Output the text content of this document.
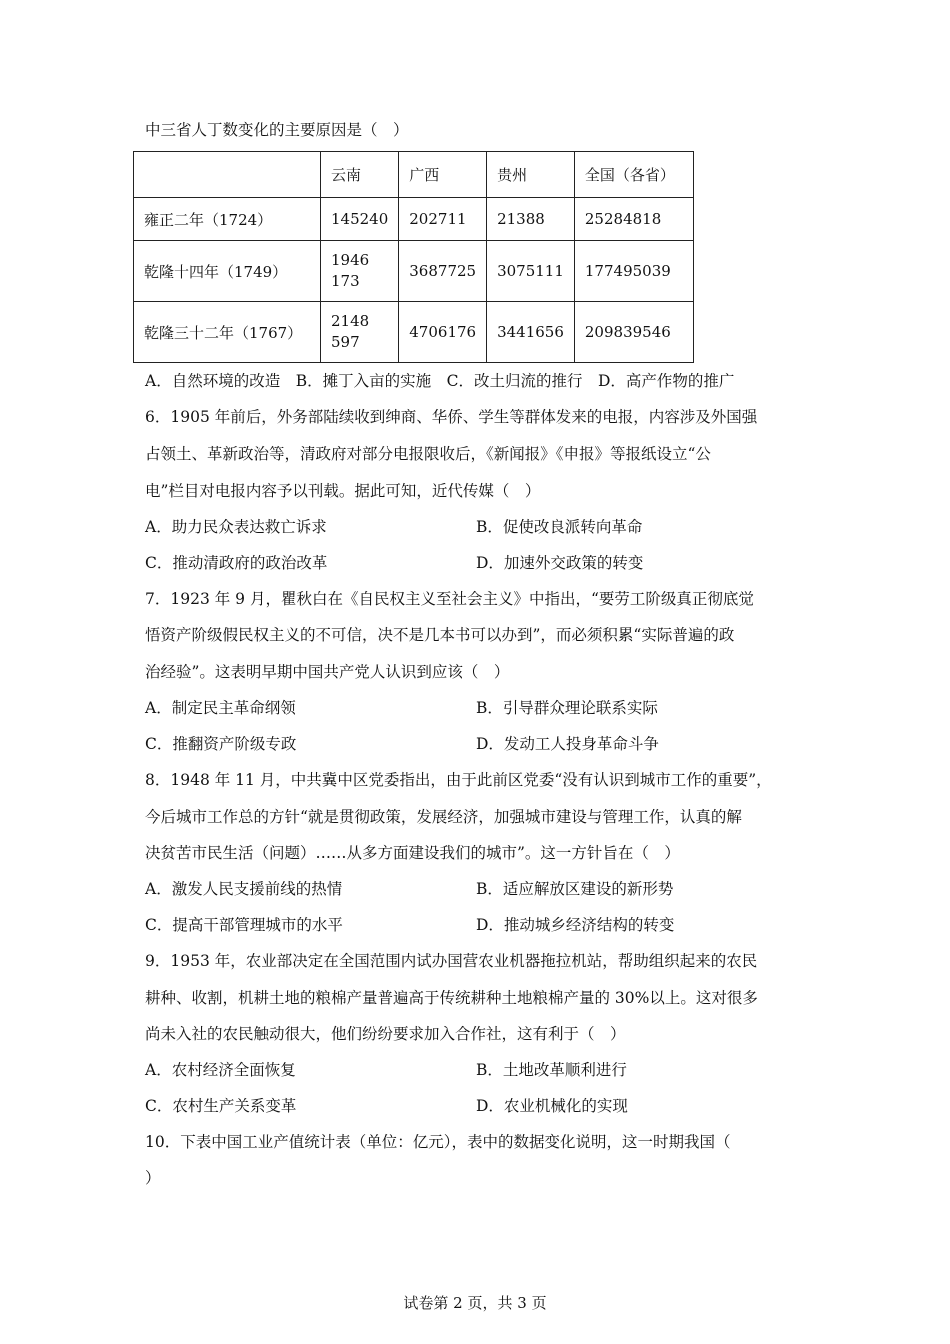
中三省人丁数变化的主要原因是（　）
	云南	广西	贵州	全国（各省）
雍正二年（1724）	145240	202711	21388	25284818
乾隆十四年（1749）	1946173	3687725	3075111	177495039
乾隆三十二年（1767）	2148597	4706176	3441656	209839546
A．自然环境的改造　B．摊丁入亩的实施　C．改土归流的推行　D．高产作物的推广
6．1905 年前后，外务部陆续收到绅商、华侨、学生等群体发来的电报，内容涉及外国强
占领土、革新政治等，清政府对部分电报限收后，《新闻报》《申报》等报纸设立“公
电”栏目对电报内容予以刊载。据此可知，近代传媒（　）
A．助力民众表达救亡诉求	B．促使改良派转向革命
C．推动清政府的政治改革	D．加速外交政策的转变
7．1923 年 9 月，瞿秋白在《自民权主义至社会主义》中指出，“要劳工阶级真正彻底觉
悟资产阶级假民权主义的不可信，决不是几本书可以办到”，而必须积累“实际普遍的政
治经验”。这表明早期中国共产党人认识到应该（　）
A．制定民主革命纲领	B．引导群众理论联系实际
C．推翻资产阶级专政	D．发动工人投身革命斗争
8．1948 年 11 月，中共冀中区党委指出，由于此前区党委“没有认识到城市工作的重要”，
今后城市工作总的方针“就是贯彻政策，发展经济，加强城市建设与管理工作，认真的解
决贫苦市民生活（问题）……从多方面建设我们的城市”。这一方针旨在（　）
A．激发人民支援前线的热情	B．适应解放区建设的新形势
C．提高干部管理城市的水平	D．推动城乡经济结构的转变
9．1953 年，农业部决定在全国范围内试办国营农业机器拖拉机站，帮助组织起来的农民
耕种、收割，机耕土地的粮棉产量普遍高于传统耕种土地粮棉产量的 30%以上。这对很多
尚未入社的农民触动很大，他们纷纷要求加入合作社，这有利于（　）
A．农村经济全面恢复	B．土地改革顺利进行
C．农村生产关系变革	D．农业机械化的实现
10．下表中国工业产值统计表（单位：亿元），表中的数据变化说明，这一时期我国（
）
试卷第 2 页，共 3 页
